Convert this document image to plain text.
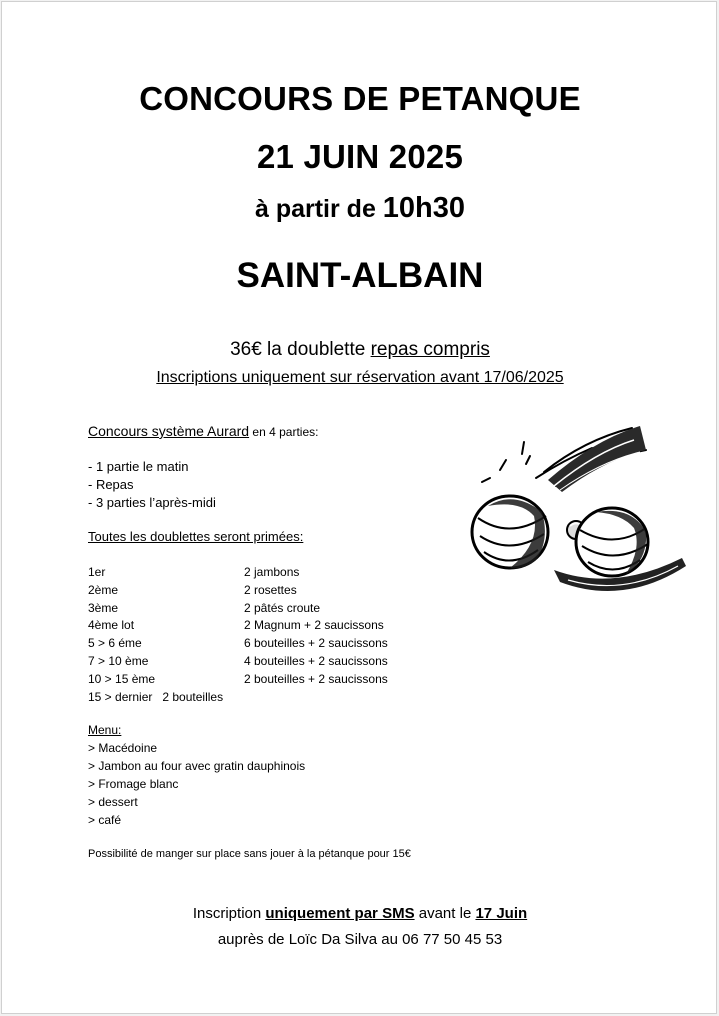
CONCOURS DE PETANQUE
21 JUIN 2025
à partir de 10h30
SAINT-ALBAIN
36€ la doublette repas compris
Inscriptions uniquement sur réservation avant 17/06/2025

Concours système Aurard en 4 parties:

- 1 partie le matin

- Repas

- 3 parties l’après-midi

Toutes les doublettes seront primées:

1er	2 jambons
2ème	2 rosettes
3ème	2 pâtés croute
4ème lot	2 Magnum + 2 saucissons
5 > 6 éme	6 bouteilles + 2 saucissons
7 > 10 ème	4 bouteilles + 2 saucissons
10 > 15 ème	2 bouteilles + 2 saucissons
15 > dernier   2 bouteilles

Menu:

> Macédoine

> Jambon au four avec gratin dauphinois

> Fromage blanc

> dessert

> café

Possibilité de manger sur place sans jouer à la pétanque pour 15€

Inscription uniquement par SMS avant le 17 Juin
auprès de Loïc Da Silva au 06 77 50 45 53
